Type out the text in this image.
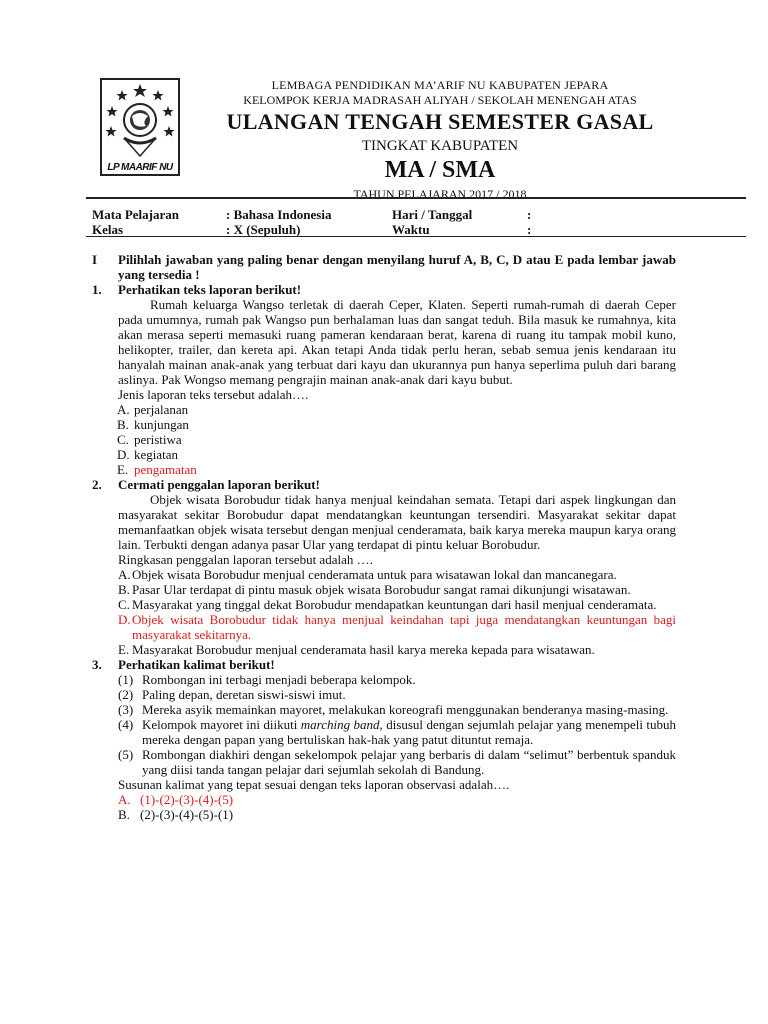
LP MAARIF NU
LEMBAGA PENDIDIKAN MA’ARIF NU KABUPATEN JEPARA
KELOMPOK KERJA MADRASAH ALIYAH / SEKOLAH MENENGAH ATAS
ULANGAN TENGAH SEMESTER GASAL
TINGKAT KABUPATEN
MA / SMA
TAHUN PELAJARAN 2017 / 2018
Mata Pelajaran	: Bahasa Indonesia	Hari / Tanggal	:
Kelas	: X (Sepuluh)	Waktu	:
I Pilihlah jawaban yang paling benar dengan menyilang huruf A, B, C, D atau E pada lembar jawab yang tersedia !
1. Perhatikan teks laporan berikut!
Rumah keluarga Wangso terletak di daerah Ceper, Klaten. Seperti rumah-rumah di daerah Ceper pada umumnya, rumah pak Wangso pun berhalaman luas dan sangat teduh. Bila masuk ke rumahnya, kita akan merasa seperti memasuki ruang pameran kendaraan berat, karena di ruang itu tampak mobil kuno, helikopter, trailer, dan kereta api. Akan tetapi Anda tidak perlu heran, sebab semua jenis kendaraan itu hanyalah mainan anak-anak yang terbuat dari kayu dan ukurannya pun hanya seperlima puluh dari barang aslinya. Pak Wongso memang pengrajin mainan anak-anak dari kayu bubut.
Jenis laporan teks tersebut adalah….
A. perjalanan
B. kunjungan
C. peristiwa
D. kegiatan
E. pengamatan
2. Cermati penggalan laporan berikut!
Objek wisata Borobudur tidak hanya menjual keindahan semata. Tetapi dari aspek lingkungan dan masyarakat sekitar Borobudur dapat mendatangkan keuntungan tersendiri. Masyarakat sekitar dapat memanfaatkan objek wisata tersebut dengan menjual cenderamata, baik karya mereka maupun karya orang lain. Terbukti dengan adanya pasar Ular yang terdapat di pintu keluar Borobudur.
Ringkasan penggalan laporan tersebut adalah ….
A. Objek wisata Borobudur menjual cenderamata untuk para wisatawan lokal dan mancanegara.
B. Pasar Ular terdapat di pintu masuk objek wisata Borobudur sangat ramai dikunjungi wisatawan.
C. Masyarakat yang tinggal dekat Borobudur mendapatkan keuntungan dari hasil menjual cenderamata.
D. Objek wisata Borobudur tidak hanya menjual keindahan tapi juga mendatangkan keuntungan bagi masyarakat sekitarnya.
E. Masyarakat Borobudur menjual cenderamata hasil karya mereka kepada para wisatawan.
3. Perhatikan kalimat berikut!
(1) Rombongan ini terbagi menjadi beberapa kelompok.
(2) Paling depan, deretan siswi-siswi imut.
(3) Mereka asyik memainkan mayoret, melakukan koreografi menggunakan benderanya masing-masing.
(4) Kelompok mayoret ini diikuti marching band, disusul dengan sejumlah pelajar yang menempeli tubuh mereka dengan papan yang bertuliskan hak-hak yang patut dituntut remaja.
(5) Rombongan diakhiri dengan sekelompok pelajar yang berbaris di dalam “selimut” berbentuk spanduk yang diisi tanda tangan pelajar dari sejumlah sekolah di Bandung.
Susunan kalimat yang tepat sesuai dengan teks laporan observasi adalah….
A. (1)-(2)-(3)-(4)-(5)
B. (2)-(3)-(4)-(5)-(1)
